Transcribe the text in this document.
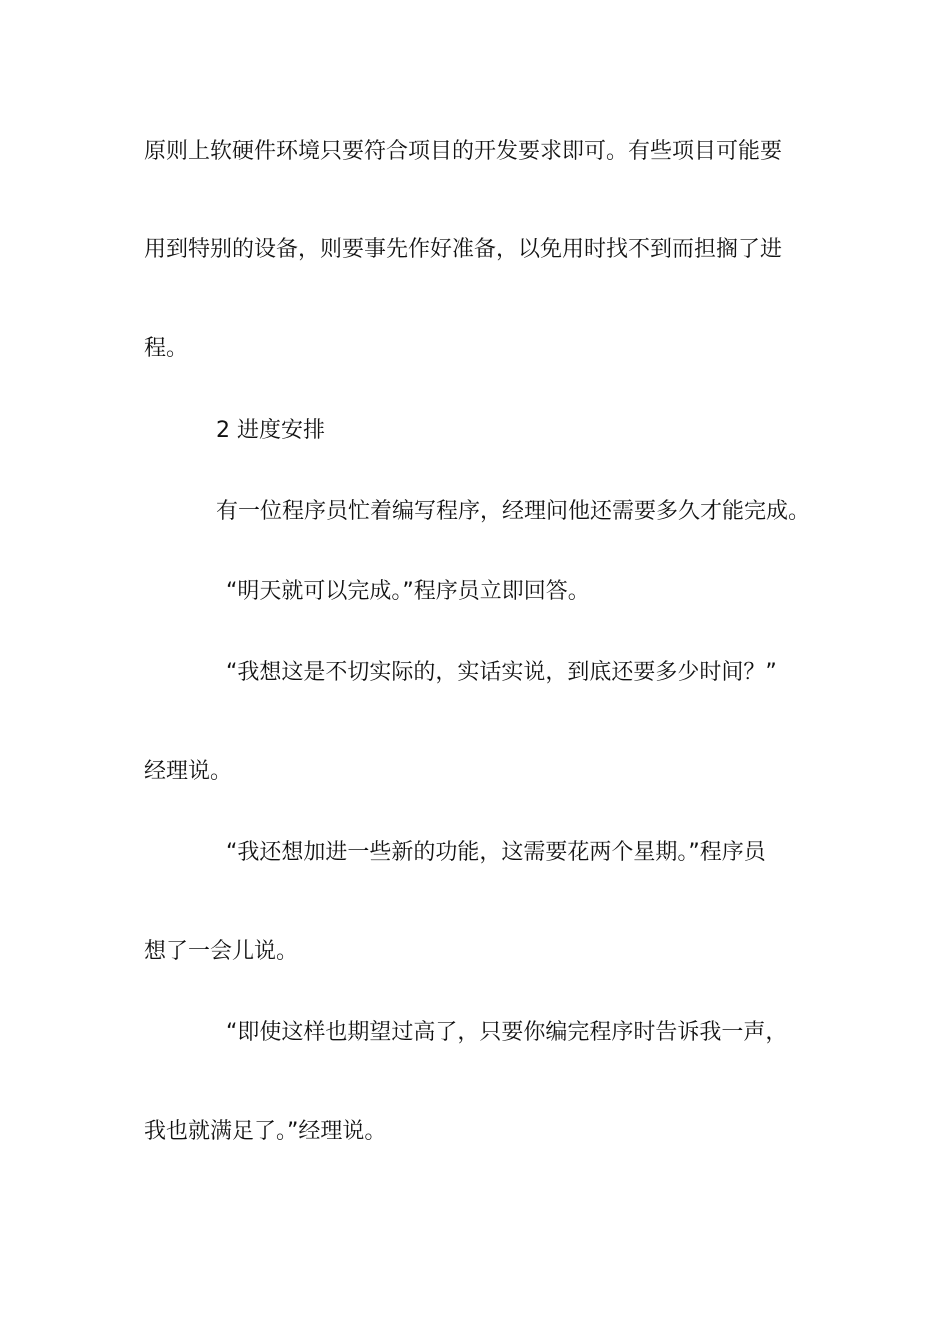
原则上软硬件环境只要符合项目的开发要求即可。有些项目可能要
用到特别的设备，则要事先作好准备，以免用时找不到而担搁了进
程。
2 进度安排
有一位程序员忙着编写程序，经理问他还需要多久才能完成。
“明天就可以完成。”程序员立即回答。
“我想这是不切实际的，实话实说，到底还要多少时间？”
经理说。
“我还想加进一些新的功能，这需要花两个星期。”程序员
想了一会儿说。
“即使这样也期望过高了，只要你编完程序时告诉我一声，
我也就满足了。”经理说。
